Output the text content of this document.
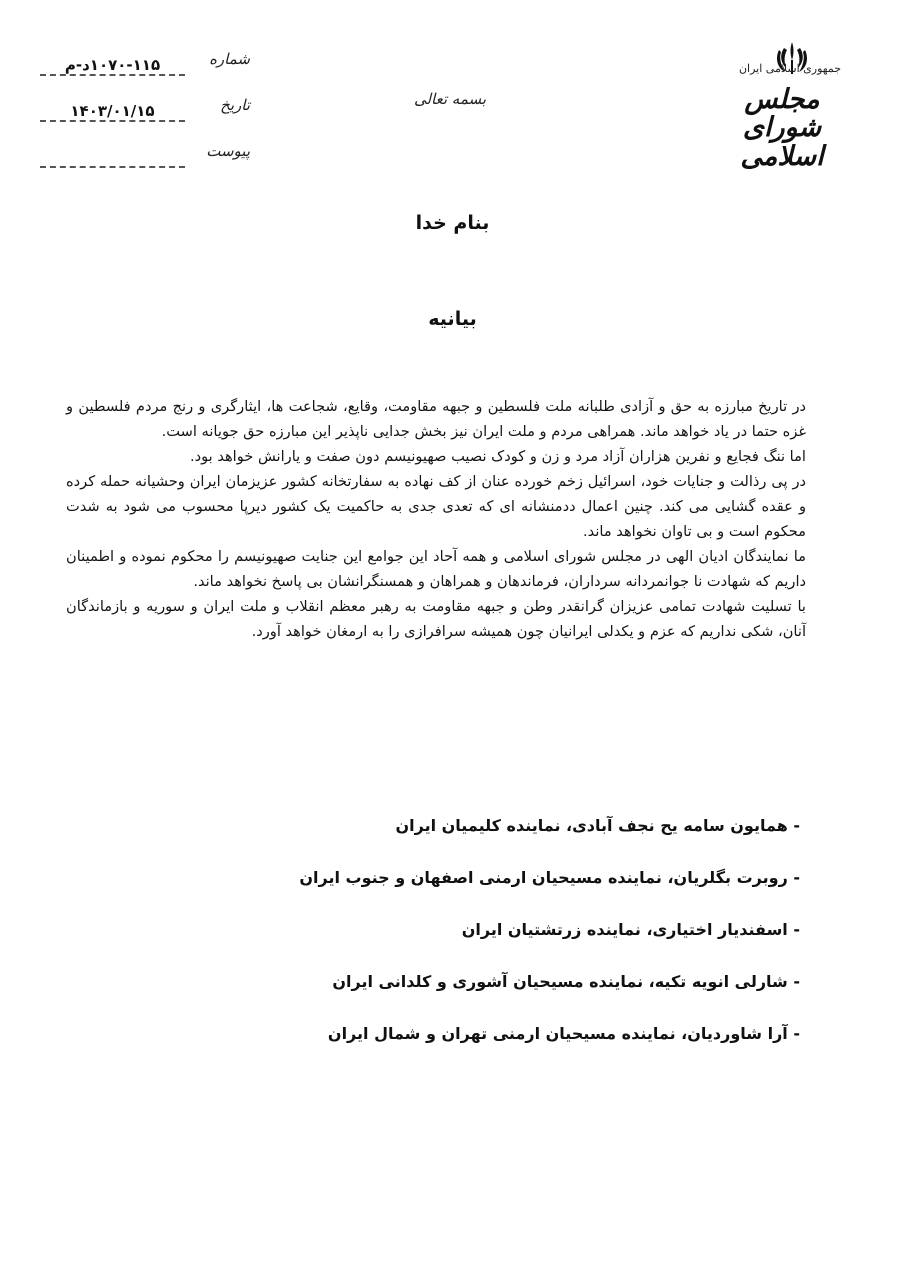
جمهوری اسلامی ایران
مجلس شورای اسلامی
بسمه تعالی
شماره
۱۰۷۰-۱۱۵د-م
تاریخ
۱۴۰۳/۰۱/۱۵
پیوست
بنام خدا
بیانیه

در تاریخ مبارزه به حق و آزادی طلبانه ملت فلسطین و جبهه مقاومت، وقایع، شجاعت ها، ایثارگری و رنج مردم فلسطین و غزه حتما در یاد خواهد ماند. همراهی مردم و ملت ایران نیز بخش جدایی ناپذیر این مبارزه حق جویانه است.

اما ننگ فجایع و نفرین هزاران آزاد مرد و زن و کودک نصیب صهیونیسم دون صفت و یارانش خواهد بود.

در پی رذالت و جنایات خود، اسرائیل زخم خورده عنان از کف نهاده به سفارتخانه کشور عزیزمان ایران وحشیانه حمله کرده و عقده گشایی می کند. چنین اعمال ددمنشانه ای که تعدی جدی به حاکمیت یک کشور دیرپا محسوب می شود به شدت محکوم است و بی تاوان نخواهد ماند.

ما نمایندگان ادیان الهی در مجلس شورای اسلامی و همه آحاد این جوامع این جنایت صهیونیسم را محکوم نموده و اطمینان داریم که شهادت نا جوانمردانه سرداران، فرماندهان و همراهان و همسنگرانشان بی پاسخ نخواهد ماند.

با تسلیت شهادت تمامی عزیزان گرانقدر وطن و جبهه مقاومت به رهبر معظم انقلاب و ملت ایران و سوریه و بازماندگان آنان، شکی نداریم که عزم و یکدلی ایرانیان چون همیشه سرافرازی را به ارمغان خواهد آورد.

- همایون سامه یح نجف آبادی، نماینده کلیمیان ایران
- روبرت بگلریان، نماینده مسیحیان ارمنی اصفهان و جنوب ایران
- اسفندیار اختیاری، نماینده زرتشتیان ایران
- شارلی انویه تکیه، نماینده مسیحیان آشوری و کلدانی ایران
- آرا شاوردیان، نماینده مسیحیان ارمنی تهران و شمال ایران
